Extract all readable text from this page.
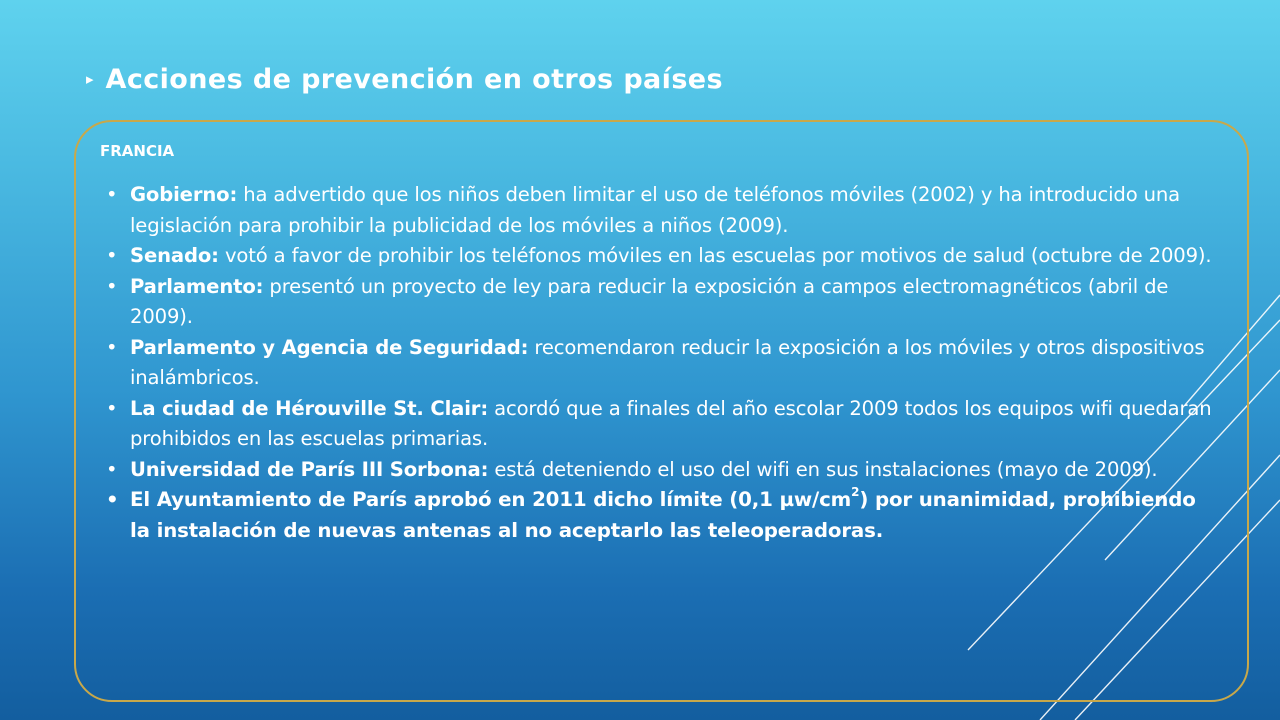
▸ Acciones de prevención en otros países

FRANCIA

• Gobierno: ha advertido que los niños deben limitar el uso de teléfonos móviles (2002) y ha introducido una legislación para prohibir la publicidad de los móviles a niños (2009).
• Senado: votó a favor de prohibir los teléfonos móviles en las escuelas por motivos de salud (octubre de 2009).
• Parlamento: presentó un proyecto de ley para reducir la exposición a campos electromagnéticos (abril de 2009).
• Parlamento y Agencia de Seguridad: recomendaron reducir la exposición a los móviles y otros dispositivos inalámbricos.
• La ciudad de Hérouville St. Clair: acordó que a finales del año escolar 2009 todos los equipos wifi quedaran prohibidos en las escuelas primarias.
• Universidad de París III Sorbona: está deteniendo el uso del wifi en sus instalaciones (mayo de 2009).
• El Ayuntamiento de París aprobó en 2011 dicho límite (0,1 $\mu w/cm^2$) por unanimidad, prohibiendo la instalación de nuevas antenas al no aceptarlo las teleoperadoras.
